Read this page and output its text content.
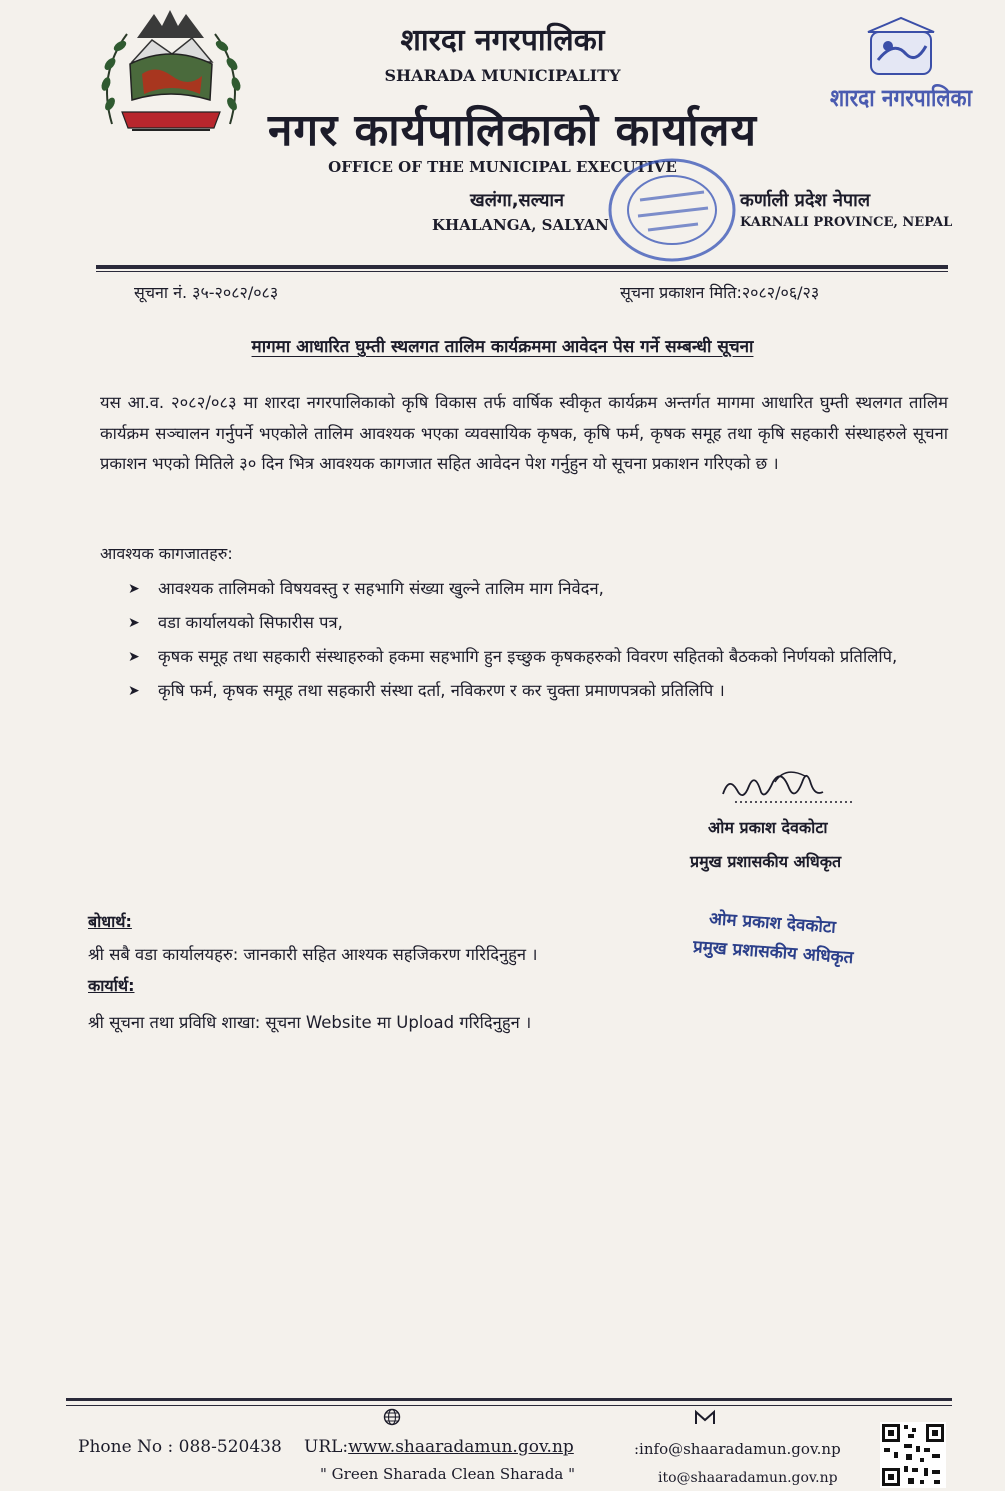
शारदा नगरपालिका
शारदा नगरपालिका
SHARADA MUNICIPALITY
नगर कार्यपालिकाको कार्यालय
OFFICE OF THE MUNICIPAL EXECUTIVE
खलंगा,सल्यान
KHALANGA, SALYAN
कर्णाली प्रदेश नेपाल
KARNALI PROVINCE, NEPAL
सूचना नं. ३५-२०८२/०८३	सूचना प्रकाशन मिति:२०८२/०६/२३
मागमा आधारित घुम्ती स्थलगत तालिम कार्यक्रममा आवेदन पेस गर्ने सम्बन्धी सूचना
यस आ.व. २०८२/०८३ मा शारदा नगरपालिकाको कृषि विकास तर्फ वार्षिक स्वीकृत कार्यक्रम अन्तर्गत मागमा आधारित घुम्ती स्थलगत तालिम कार्यक्रम सञ्चालन गर्नुपर्ने भएकोले तालिम आवश्यक भएका व्यवसायिक कृषक, कृषि फर्म, कृषक समूह तथा कृषि सहकारी संस्थाहरुले सूचना प्रकाशन भएको मितिले ३० दिन भित्र आवश्यक कागजात सहित आवेदन पेश गर्नुहुन यो सूचना प्रकाशन गरिएको छ ।
आवश्यक कागजातहरु:
➤ आवश्यक तालिमको विषयवस्तु र सहभागि संख्या खुल्ने तालिम माग निवेदन,
➤ वडा कार्यालयको सिफारीस पत्र,
➤ कृषक समूह तथा सहकारी संस्थाहरुको हकमा सहभागि हुन इच्छुक कृषकहरुको विवरण सहितको बैठकको निर्णयको प्रतिलिपि,
➤ कृषि फर्म, कृषक समूह तथा सहकारी संस्था दर्ता, नविकरण र कर चुक्ता प्रमाणपत्रको प्रतिलिपि ।
ओम प्रकाश देवकोटा
प्रमुख प्रशासकीय अधिकृत
ओम प्रकाश देवकोटा
प्रमुख प्रशासकीय अधिकृत
बोधार्थ:
श्री सबै वडा कार्यालयहरु: जानकारी सहित आश्यक सहजिकरण गरिदिनुहुन ।
कार्यार्थ:
श्री सूचना तथा प्रविधि शाखा: सूचना Website मा Upload गरिदिनुहुन ।
Phone No : 088-520438 URL:www.shaaradamun.gov.np
" Green Sharada Clean Sharada "
:info@shaaradamun.gov.np
ito@shaaradamun.gov.np
